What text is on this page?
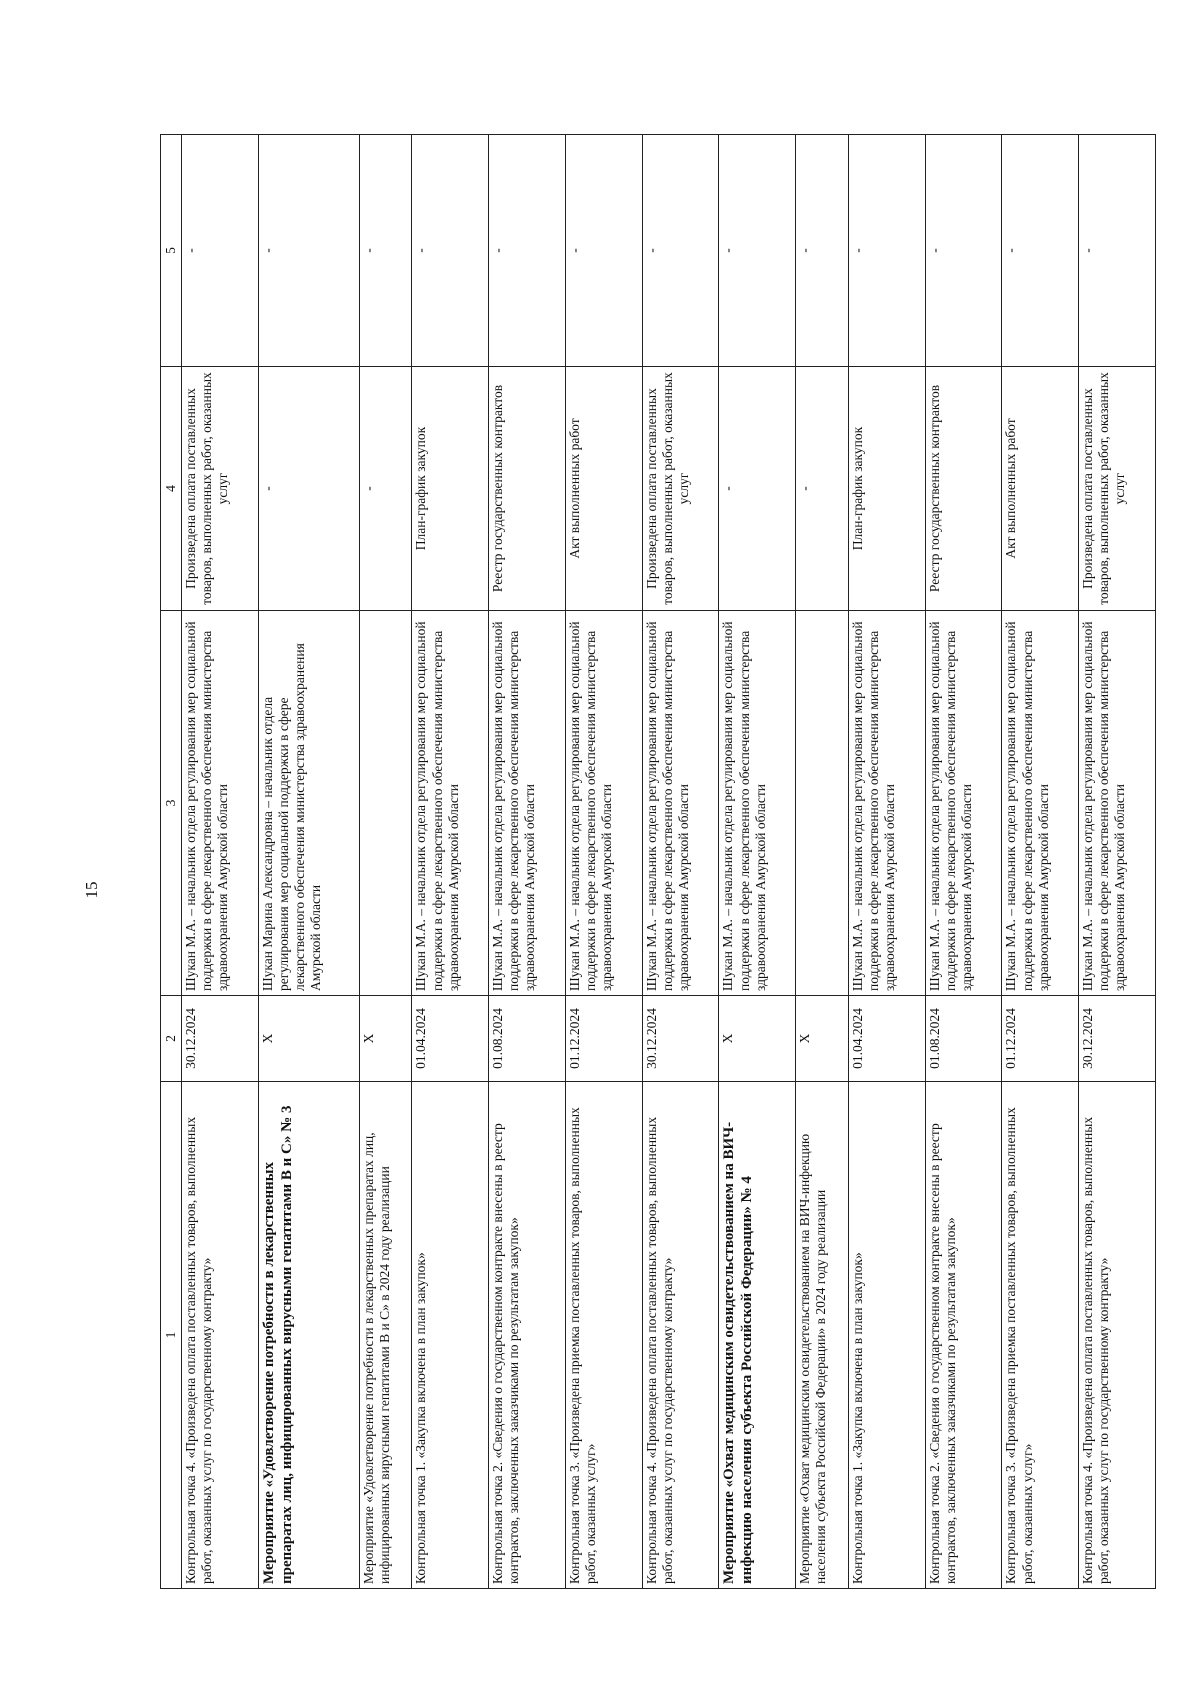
15
1	2	3	4	5
Контрольная точка 4. «Произведена оплата поставленных товаров, выполненных работ, оказанных услуг по государственному контракту»	30.12.2024	Шукан М.А. – начальник отдела регулирования мер социальной поддержки в сфере лекарственного обеспечения министерства здравоохранения Амурской области	Произведена оплата поставленных товаров, выполненных работ, оказанных услуг	-
Мероприятие «Удовлетворение потребности в лекарственных препаратах лиц, инфицированных вирусными гепатитами В и С» № 3	Х	Шукан Марина Александровна – начальник отдела регулирования мер социальной поддержки в сфере лекарственного обеспечения министерства здравоохранения Амурской области	-	-
Мероприятие «Удовлетворение потребности в лекарственных препаратах лиц, инфицированных вирусными гепатитами В и С» в 2024 году реализации	Х		-	-
Контрольная точка 1. «Закупка включена в план закупок»	01.04.2024	Шукан М.А. – начальник отдела регулирования мер социальной поддержки в сфере лекарственного обеспечения министерства здравоохранения Амурской области	План-график закупок	-
Контрольная точка 2. «Сведения о государственном контракте внесены в реестр контрактов, заключенных заказчиками по результатам закупок»	01.08.2024	Шукан М.А. – начальник отдела регулирования мер социальной поддержки в сфере лекарственного обеспечения министерства здравоохранения Амурской области	Реестр государственных контрактов	-
Контрольная точка 3. «Произведена приемка поставленных товаров, выполненных работ, оказанных услуг»	01.12.2024	Шукан М.А. – начальник отдела регулирования мер социальной поддержки в сфере лекарственного обеспечения министерства здравоохранения Амурской области	Акт выполненных работ	-
Контрольная точка 4. «Произведена оплата поставленных товаров, выполненных работ, оказанных услуг по государственному контракту»	30.12.2024	Шукан М.А. – начальник отдела регулирования мер социальной поддержки в сфере лекарственного обеспечения министерства здравоохранения Амурской области	Произведена оплата поставленных товаров, выполненных работ, оказанных услуг	-
Мероприятие «Охват медицинским освидетельствованием на ВИЧ-инфекцию населения субъекта Российской Федерации» № 4	Х	Шукан М.А. – начальник отдела регулирования мер социальной поддержки в сфере лекарственного обеспечения министерства здравоохранения Амурской области	-	-
Мероприятие «Охват медицинским освидетельствованием на ВИЧ-инфекцию населения субъекта Российской Федерации» в 2024 году реализации	Х		-	-
Контрольная точка 1. «Закупка включена в план закупок»	01.04.2024	Шукан М.А. – начальник отдела регулирования мер социальной поддержки в сфере лекарственного обеспечения министерства здравоохранения Амурской области	План-график закупок	-
Контрольная точка 2. «Сведения о государственном контракте внесены в реестр контрактов, заключенных заказчиками по результатам закупок»	01.08.2024	Шукан М.А. – начальник отдела регулирования мер социальной поддержки в сфере лекарственного обеспечения министерства здравоохранения Амурской области	Реестр государственных контрактов	-
Контрольная точка 3. «Произведена приемка поставленных товаров, выполненных работ, оказанных услуг»	01.12.2024	Шукан М.А. – начальник отдела регулирования мер социальной поддержки в сфере лекарственного обеспечения министерства здравоохранения Амурской области	Акт выполненных работ	-
Контрольная точка 4. «Произведена оплата поставленных товаров, выполненных работ, оказанных услуг по государственному контракту»	30.12.2024	Шукан М.А. – начальник отдела регулирования мер социальной поддержки в сфере лекарственного обеспечения министерства здравоохранения Амурской области	Произведена оплата поставленных товаров, выполненных работ, оказанных услуг	-
